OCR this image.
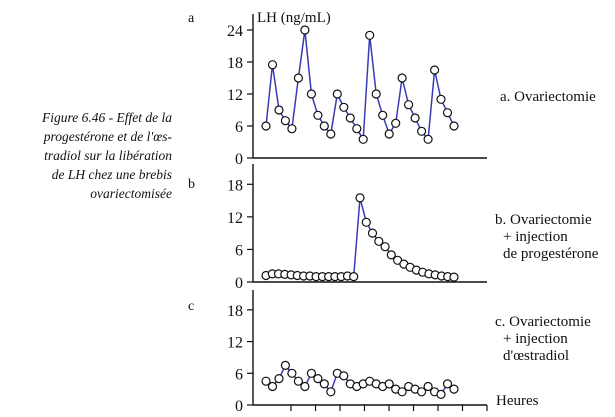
Figure 6.46 - Effet de la
progestérone et de l'œs-
tradiol sur la libération
de LH chez une brebis
ovariectomisée
0
6
12
18
24
a	LH (ng/mL)
a. Ovariectomie
0
6
12
18
b
b. Ovariectomie
+ injection
de progestérone
0
6
12
18
c
Heures
c. Ovariectomie
+ injection
d'œstradiol
